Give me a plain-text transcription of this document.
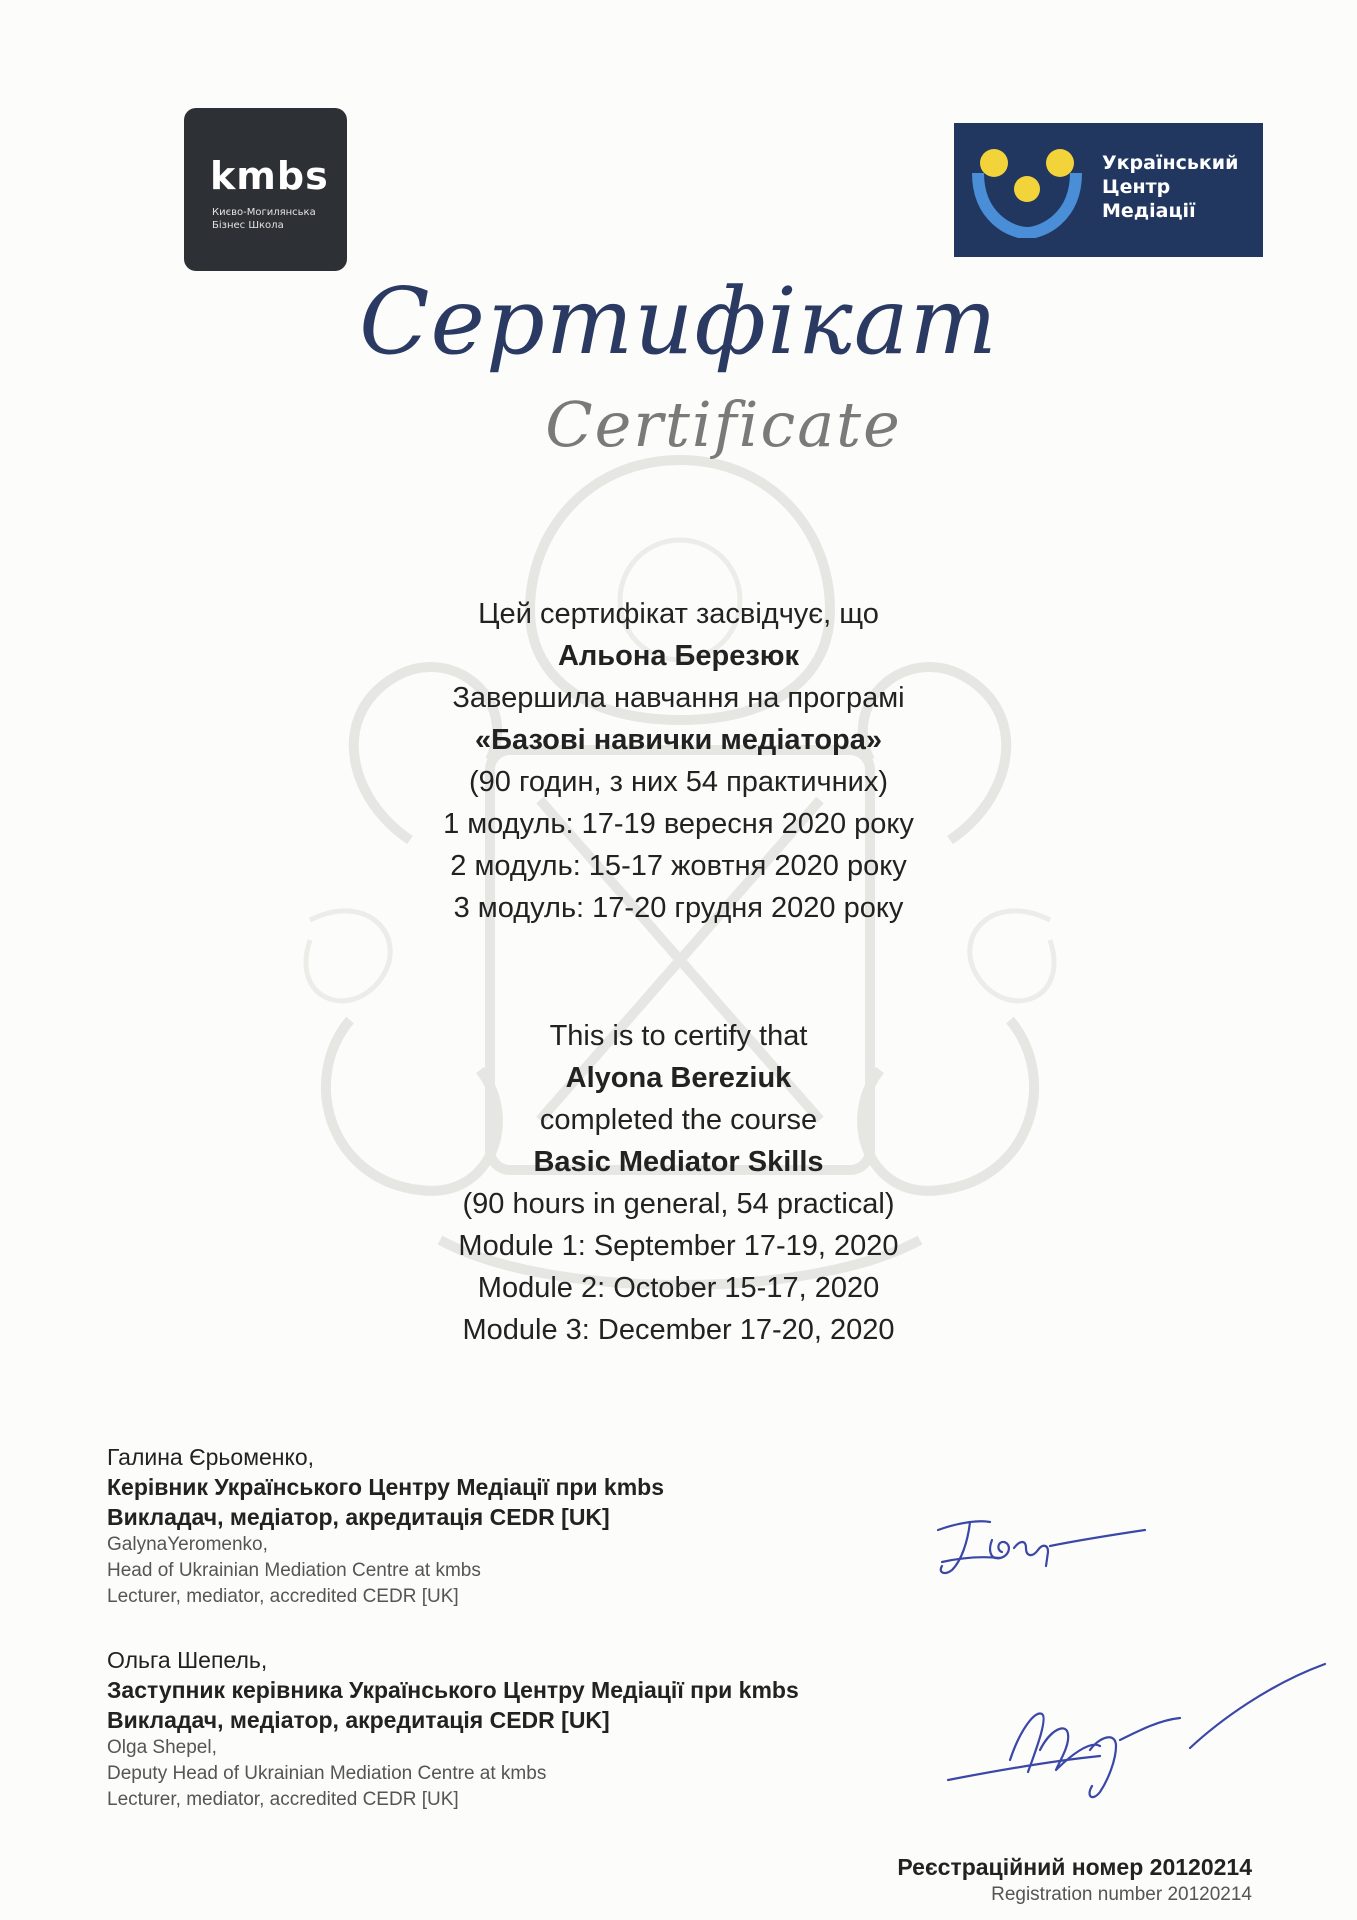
kmbs
Києво-Могилянська
Бізнес Школа
Український
Центр
Медіації
Сертифікат
Certificate
Цей сертифікат засвідчує, що
Альона Березюк
Завершила навчання на програмі
«Базові навички медіатора»
(90 годин, з них 54 практичних)
1 модуль: 17-19 вересня 2020 року
2 модуль: 15-17 жовтня 2020 року
3 модуль: 17-20 грудня 2020 року
This is to certify that
Alyona Bereziuk
completed the course
Basic Mediator Skills
(90 hours in general, 54 practical)
Module 1: September 17-19, 2020
Module 2: October 15-17, 2020
Module 3: December 17-20, 2020
Галина Єрьоменко,
Керівник Українського Центру Медіації при kmbs
Викладач, медіатор, акредитація CEDR [UK]
GalynaYeromenko,
Head of Ukrainian Mediation Centre at kmbs
Lecturer, mediator, accredited CEDR [UK]
Ольга Шепель,
Заступник керівника Українського Центру Медіації при kmbs
Викладач, медіатор, акредитація CEDR [UK]
Olga Shepel,
Deputy Head of Ukrainian Mediation Centre at kmbs
Lecturer, mediator, accredited CEDR [UK]
Реєстраційний номер 20120214
Registration number 20120214
